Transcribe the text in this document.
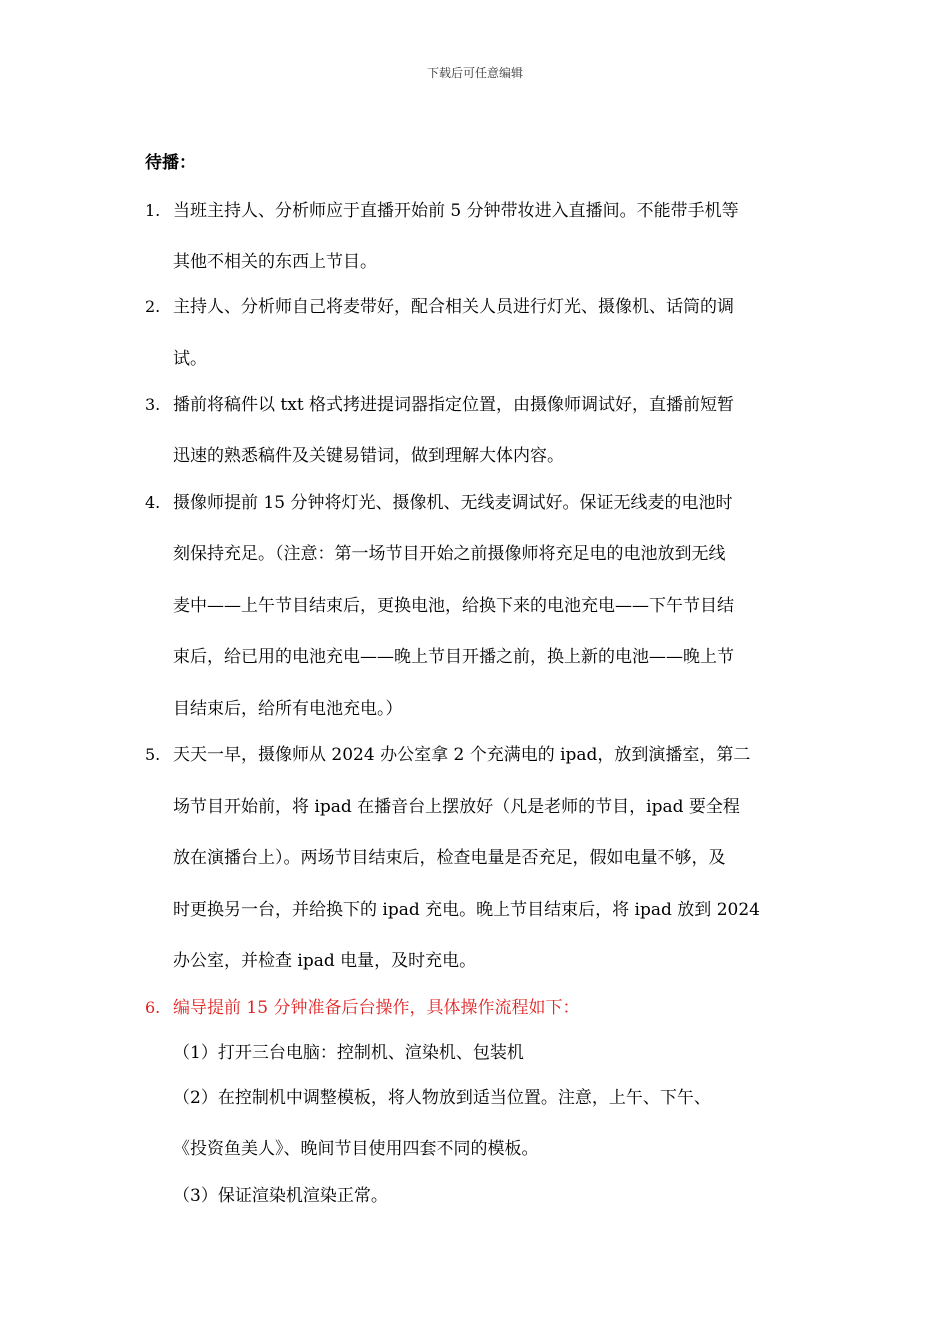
下载后可任意编辑
待播：
1. 当班主持人、分析师应于直播开始前 5 分钟带妆进入直播间。不能带手机等
其他不相关的东西上节目。
2. 主持人、分析师自己将麦带好，配合相关人员进行灯光、摄像机、话筒的调
试。
3. 播前将稿件以 txt 格式拷进提词器指定位置，由摄像师调试好，直播前短暂
迅速的熟悉稿件及关键易错词，做到理解大体内容。
4. 摄像师提前 15 分钟将灯光、摄像机、无线麦调试好。保证无线麦的电池时
刻保持充足。（注意：第一场节目开始之前摄像师将充足电的电池放到无线
麦中——上午节目结束后，更换电池，给换下来的电池充电——下午节目结
束后，给已用的电池充电——晚上节目开播之前，换上新的电池——晚上节
目结束后，给所有电池充电。）
5. 天天一早，摄像师从 2024 办公室拿 2 个充满电的 ipad，放到演播室，第二
场节目开始前，将 ipad 在播音台上摆放好（凡是老师的节目，ipad 要全程
放在演播台上）。两场节目结束后，检查电量是否充足，假如电量不够，及
时更换另一台，并给换下的 ipad 充电。晚上节目结束后，将 ipad 放到 2024
办公室，并检查 ipad 电量，及时充电。
6. 编导提前 15 分钟准备后台操作，具体操作流程如下：
（1）打开三台电脑：控制机、渲染机、包装机
（2）在控制机中调整模板，将人物放到适当位置。注意，上午、下午、
《投资鱼美人》、晚间节目使用四套不同的模板。
（3）保证渲染机渲染正常。
